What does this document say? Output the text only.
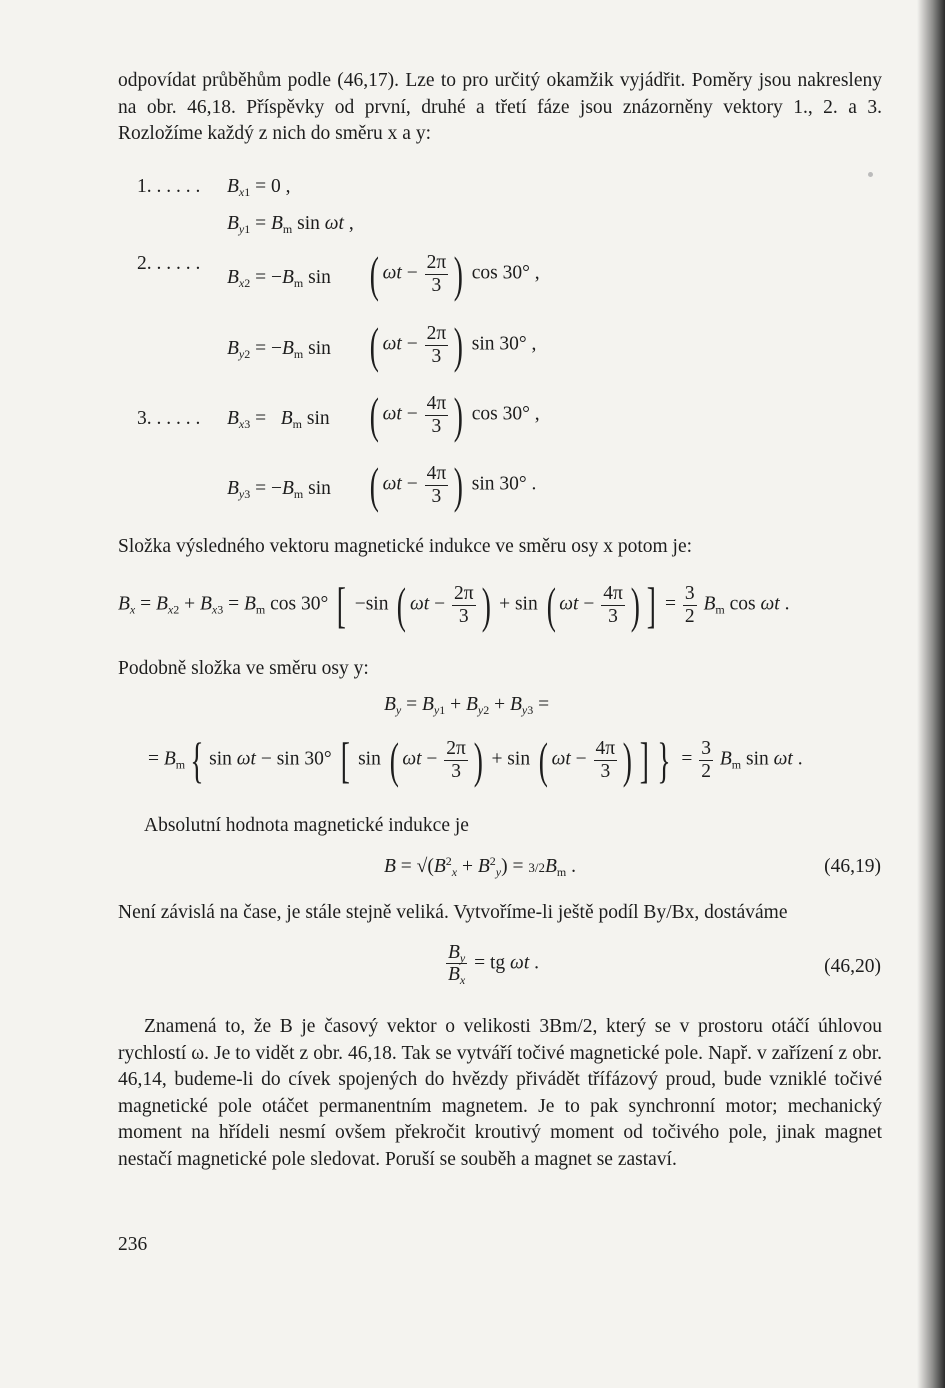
odpovídat průběhům podle (46,17). Lze to pro určitý okamžik vyjádřit. Poměry jsou nakresleny na obr. 46,18. Příspěvky od první, druhé a třetí fáze jsou znázorněny vektory 1., 2. a 3. Rozložíme každý z nich do směru x a y:

1. . . . . . $B_{x1} = 0$ ,
$B_{y1} = B_m$ sin ωt ,
2. . . . . .
$B_{x2} = -B_m$ sin ( $\omega t - \frac{2\pi}{3}$ ) cos 30° ,
$B_{y2} = -B_m$ sin ( $\omega t - \frac{2\pi}{3}$ ) sin 30° ,
3. . . . . . $B_{x3} = B_m$ sin ( $\omega t - \frac{4\pi}{3}$ ) cos 30° ,
$B_{y3} = -B_m$ sin ( $\omega t - \frac{4\pi}{3}$ ) sin 30° .

Složka výsledného vektoru magnetické indukce ve směru osy x potom je:

$B_x = B_{x2} + B_{x3} = B_m$ cos 30° [ −sin ( $\omega t - \frac{2\pi}{3}$ ) + sin ( $\omega t - \frac{4\pi}{3}$ ) ] = $\frac{3}{2} B_m$ cos ωt .

Podobně složka ve směru osy y:

$B_y = B_{y1} + B_{y2} + B_{y3}$ =
= $B_m$ { sin ωt − sin 30° [ sin ( $\omega t - \frac{2\pi}{3}$ ) + sin ( $\omega t - \frac{4\pi}{3}$ ) ] } = $\frac{3}{2} B_m$ sin ωt .

Absolutní hodnota magnetické indukce je

$B = √(B^2_x + B^2_y) = 3/2B_m$ .	(46,19)

Není závislá na čase, je stále stejně veliká. Vytvoříme-li ještě podíl By/Bx, dostáváme

$\frac{B_y}{B_x}$ = tg ωt .	(46,20)

Znamená to, že B je časový vektor o velikosti 3Bm/2, který se v prostoru otáčí úhlovou rychlostí ω. Je to vidět z obr. 46,18. Tak se vytváří točivé magnetické pole. Např. v zařízení z obr. 46,14, budeme-li do cívek spojených do hvězdy přivádět třífázový proud, bude vzniklé točivé magnetické pole otáčet permanentním magnetem. Je to pak synchronní motor; mechanický moment na hřídeli nesmí ovšem překročit kroutivý moment od točivého pole, jinak magnet nestačí magnetické pole sledovat. Poruší se souběh a magnet se zastaví.

236
